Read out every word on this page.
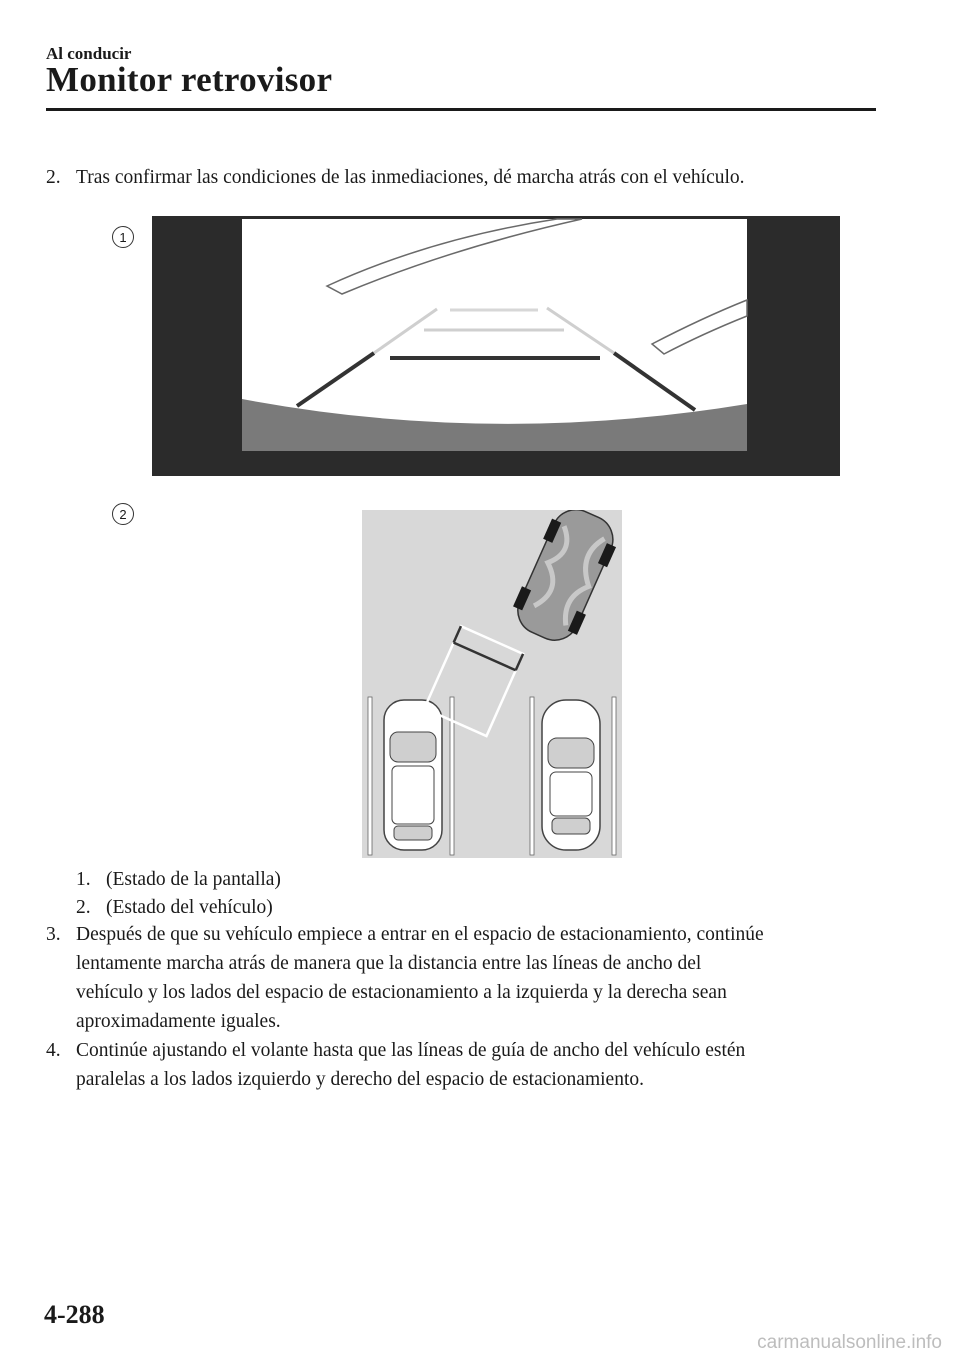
Al conducir
Monitor retrovisor
2. Tras confirmar las condiciones de las inmediaciones, dé marcha atrás con el vehículo.
1
2
1. (Estado de la pantalla)
2. (Estado del vehículo)
3. Después de que su vehículo empiece a entrar en el espacio de estacionamiento, continúe
lentamente marcha atrás de manera que la distancia entre las líneas de ancho del
vehículo y los lados del espacio de estacionamiento a la izquierda y la derecha sean
aproximadamente iguales.
4. Continúe ajustando el volante hasta que las líneas de guía de ancho del vehículo estén
paralelas a los lados izquierdo y derecho del espacio de estacionamiento.
4-288
carmanualsonline.info
